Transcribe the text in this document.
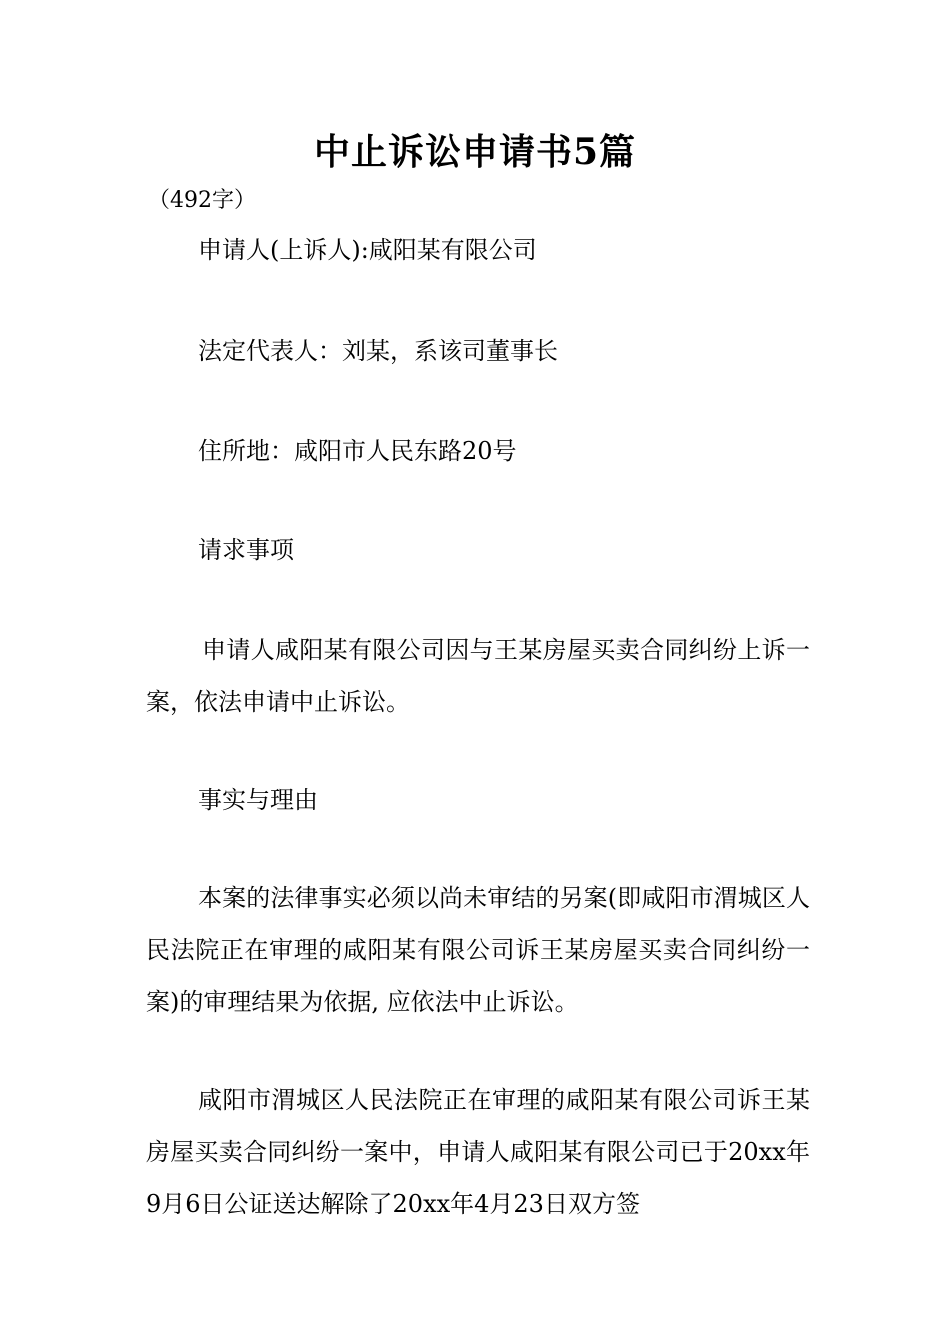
中止诉讼申请书5篇
（492字）
申请人(上诉人):咸阳某有限公司
法定代表人：刘某，系该司董事长
住所地：咸阳市人民东路20号
请求事项

申请人咸阳某有限公司因与王某房屋买卖合同纠纷上诉一案，依法申请中止诉讼。

事实与理由

本案的法律事实必须以尚未审结的另案(即咸阳市渭城区人民法院正在审理的咸阳某有限公司诉王某房屋买卖合同纠纷一案)的审理结果为依据, 应依法中止诉讼。

咸阳市渭城区人民法院正在审理的咸阳某有限公司诉王某房屋买卖合同纠纷一案中，申请人咸阳某有限公司已于20xx年9月6日公证送达解除了20xx年4月23日双方签
